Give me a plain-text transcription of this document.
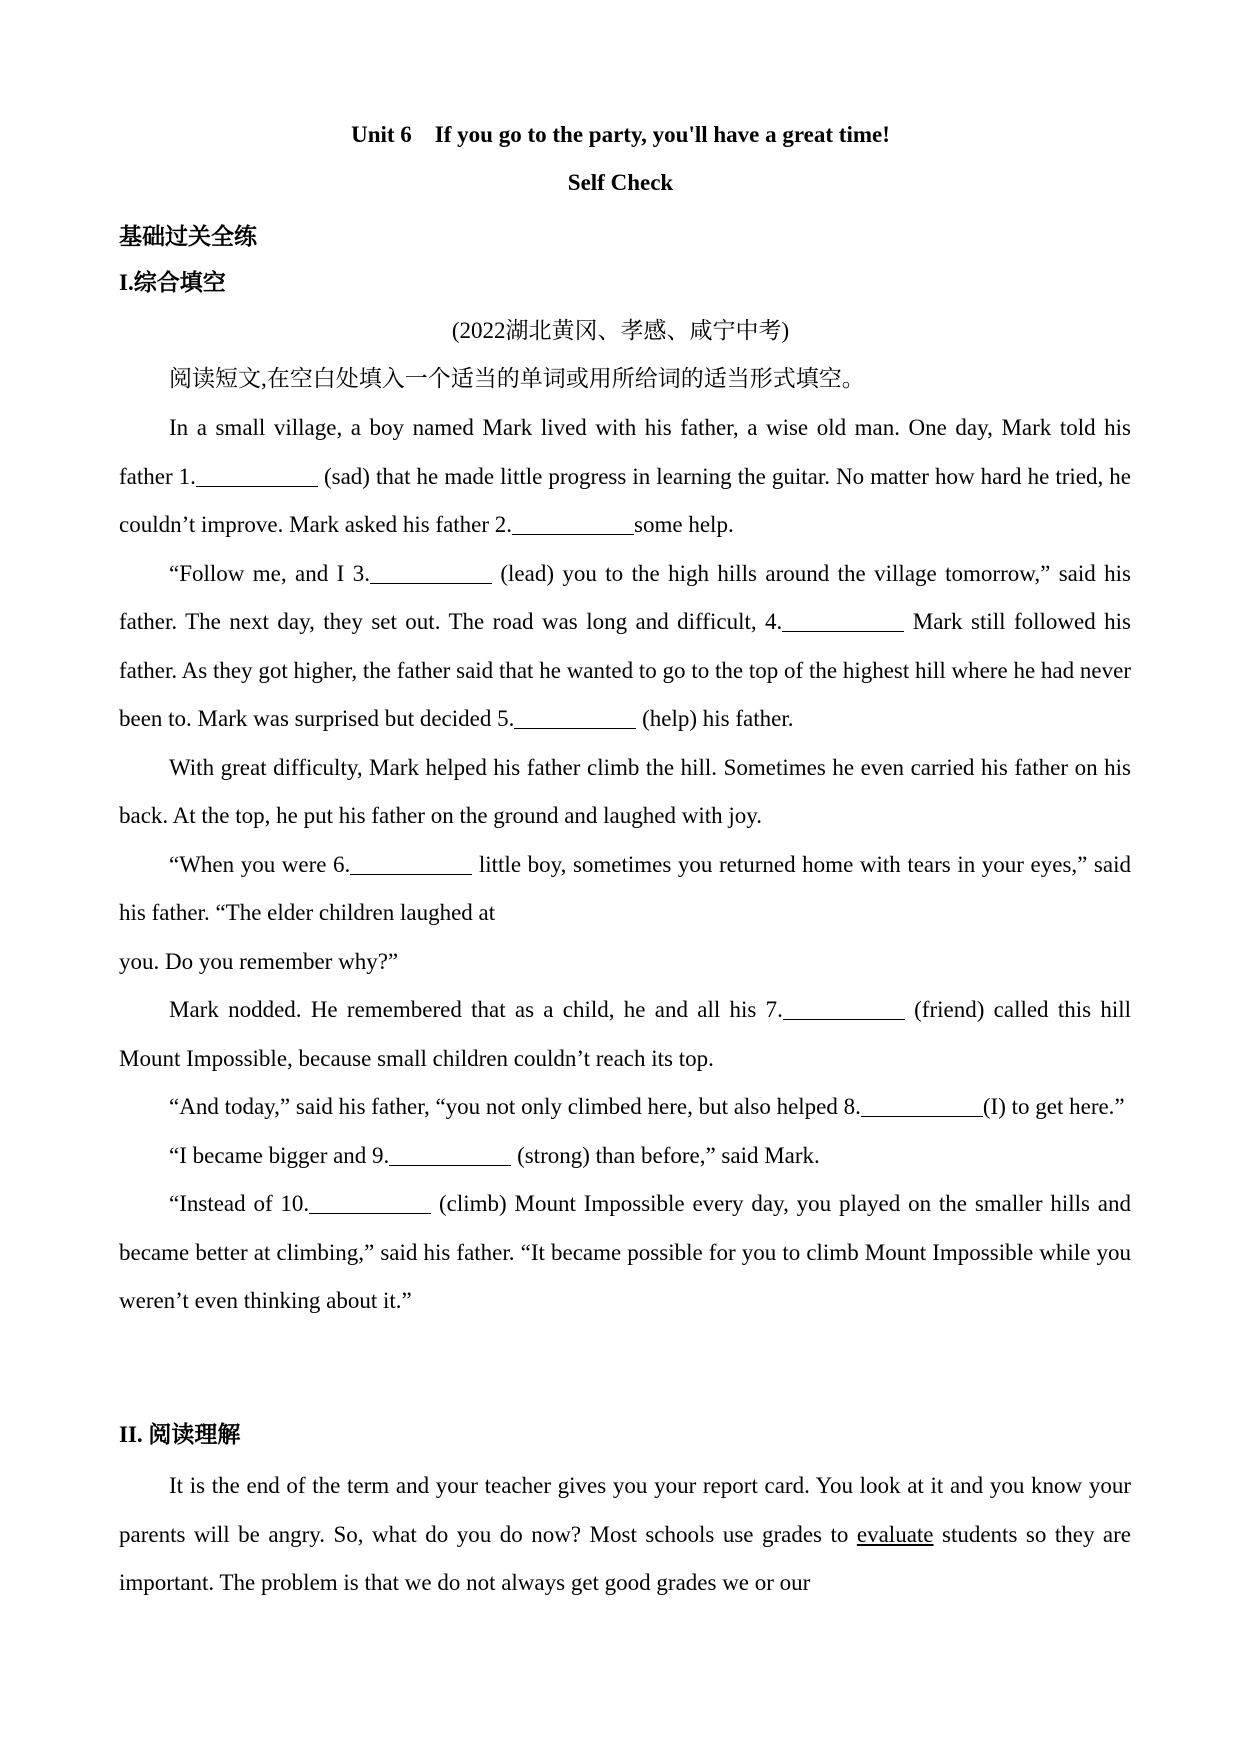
Unit 6    If you go to the party, you'll have a great time!
Self Check
基础过关全练
I.综合填空
(2022湖北黄冈、孝感、咸宁中考)
阅读短文,在空白处填入一个适当的单词或用所给词的适当形式填空。

In a small village, a boy named Mark lived with his father, a wise old man. One day, Mark told his father 1.	(sad) that he made little progress in learning the guitar. No matter how hard he tried, he couldn’t improve. Mark asked his father 2.	some help.

“Follow me, and I 3.	(lead) you to the high hills around the village tomorrow,” said his father. The next day, they set out. The road was long and difficult, 4.	Mark still followed his father. As they got higher, the father said that he wanted to go to the top of the highest hill where he had never been to. Mark was surprised but decided 5.	(help) his father.

With great difficulty, Mark helped his father climb the hill. Sometimes he even carried his father on his back. At the top, he put his father on the ground and laughed with joy.

“When you were 6.	little boy, sometimes you returned home with tears in your eyes,” said his father. “The elder children laughed at

you. Do you remember why?”

Mark nodded. He remembered that as a child, he and all his 7.	(friend) called this hill Mount Impossible, because small children couldn’t reach its top.

“And today,” said his father, “you not only climbed here, but also helped 8.	(I) to get here.”

“I became bigger and 9.	(strong) than before,” said Mark.

“Instead of 10.	(climb) Mount Impossible every day, you played on the smaller hills and became better at climbing,” said his father. “It became possible for you to climb Mount Impossible while you weren’t even thinking about it.”

II. 阅读理解

It is the end of the term and your teacher gives you your report card. You look at it and you know your parents will be angry. So, what do you do now? Most schools use grades to evaluate students so they are important. The problem is that we do not always get good grades we or our
